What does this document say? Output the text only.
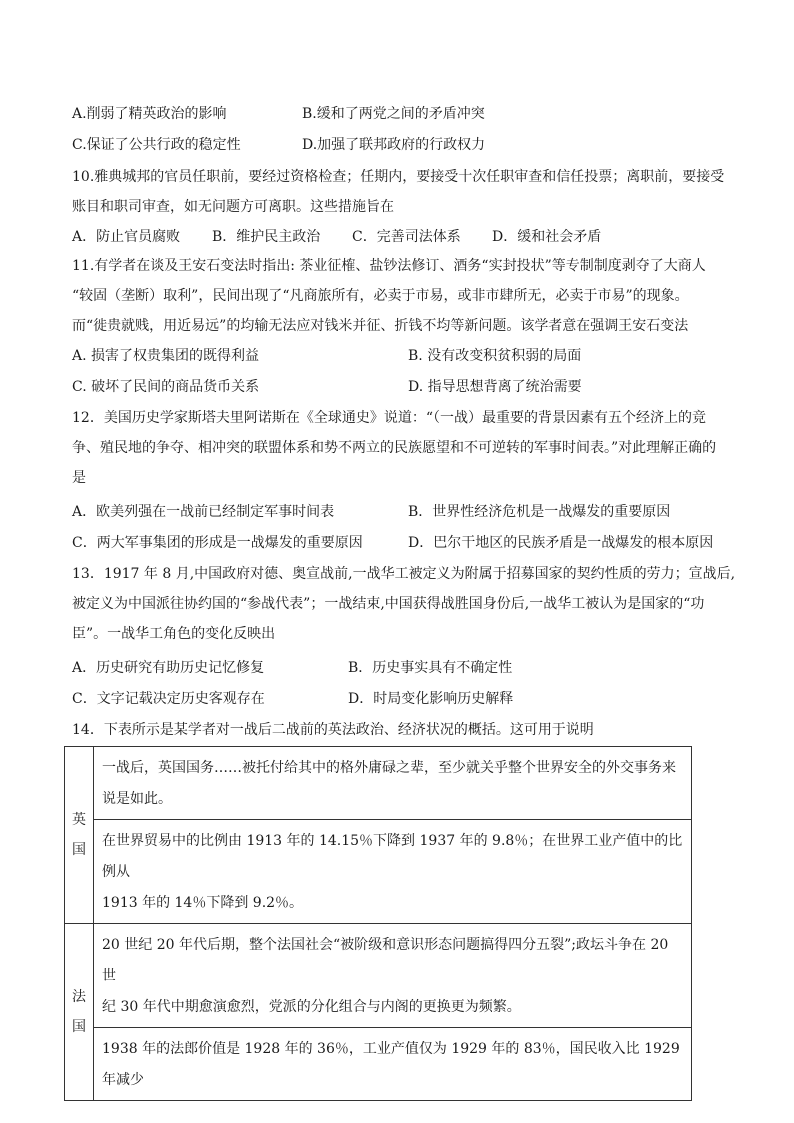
A.削弱了精英政治的影响	B.缓和了两党之间的矛盾冲突
C.保证了公共行政的稳定性	D.加强了联邦政府的行政权力
10.雅典城邦的官员任职前，要经过资格检查；任期内，要接受十次任职审查和信任投票；离职前，要接受
账目和职司审查，如无问题方可离职。这些措施旨在
A．防止官员腐败 B．维护民主政治 C．完善司法体系 D．缓和社会矛盾
11.有学者在谈及王安石变法时指出: 茶业征榷、盐钞法修订、酒务“实封投状”等专制制度剥夺了大商人
“较固（垄断）取利”，民间出现了“凡商旅所有，必卖于市易，或非市肆所无，必卖于市易”的现象。
而“徙贵就贱，用近易远”的均输无法应对钱米并征、折钱不均等新问题。该学者意在强调王安石变法
A. 损害了权贵集团的既得利益	B. 没有改变积贫积弱的局面
C. 破坏了民间的商品货币关系	D. 指导思想背离了统治需要
12．美国历史学家斯塔夫里阿诺斯在《全球通史》说道：“（一战）最重要的背景因素有五个经济上的竞
争、殖民地的争夺、相冲突的联盟体系和势不两立的民族愿望和不可逆转的军事时间表。”对此理解正确的
是
A．欧美列强在一战前已经制定军事时间表	B．世界性经济危机是一战爆发的重要原因
C．两大军事集团的形成是一战爆发的重要原因	D．巴尔干地区的民族矛盾是一战爆发的根本原因
13．1917 年 8 月,中国政府对德、奥宣战前,一战华工被定义为附属于招募国家的契约性质的劳力；宣战后,
被定义为中国派往协约国的“参战代表”；一战结束,中国获得战胜国身份后,一战华工被认为是国家的“功
臣”。一战华工角色的变化反映出
A．历史研究有助历史记忆修复	B．历史事实具有不确定性
C．文字记载决定历史客观存在	D．时局变化影响历史解释
14．下表所示是某学者对一战后二战前的英法政治、经济状况的概括。这可用于说明
英
国	一战后，英国国务……被托付给其中的格外庸碌之辈，至少就关乎整个世界安全的外交事务来
说是如此。
	在世界贸易中的比例由 1913 年的 14.15％下降到 1937 年的 9.8％；在世界工业产值中的比例从
1913 年的 14％下降到 9.2％。

法
国	20 世纪 20 年代后期，整个法国社会“被阶级和意识形态问题搞得四分五裂”;政坛斗争在 20 世
纪 30 年代中期愈演愈烈，党派的分化组合与内阁的更换更为频繁。
	1938 年的法郎价值是 1928 年的 36％，工业产值仅为 1929 年的 83％，国民收入比 1929 年减少
